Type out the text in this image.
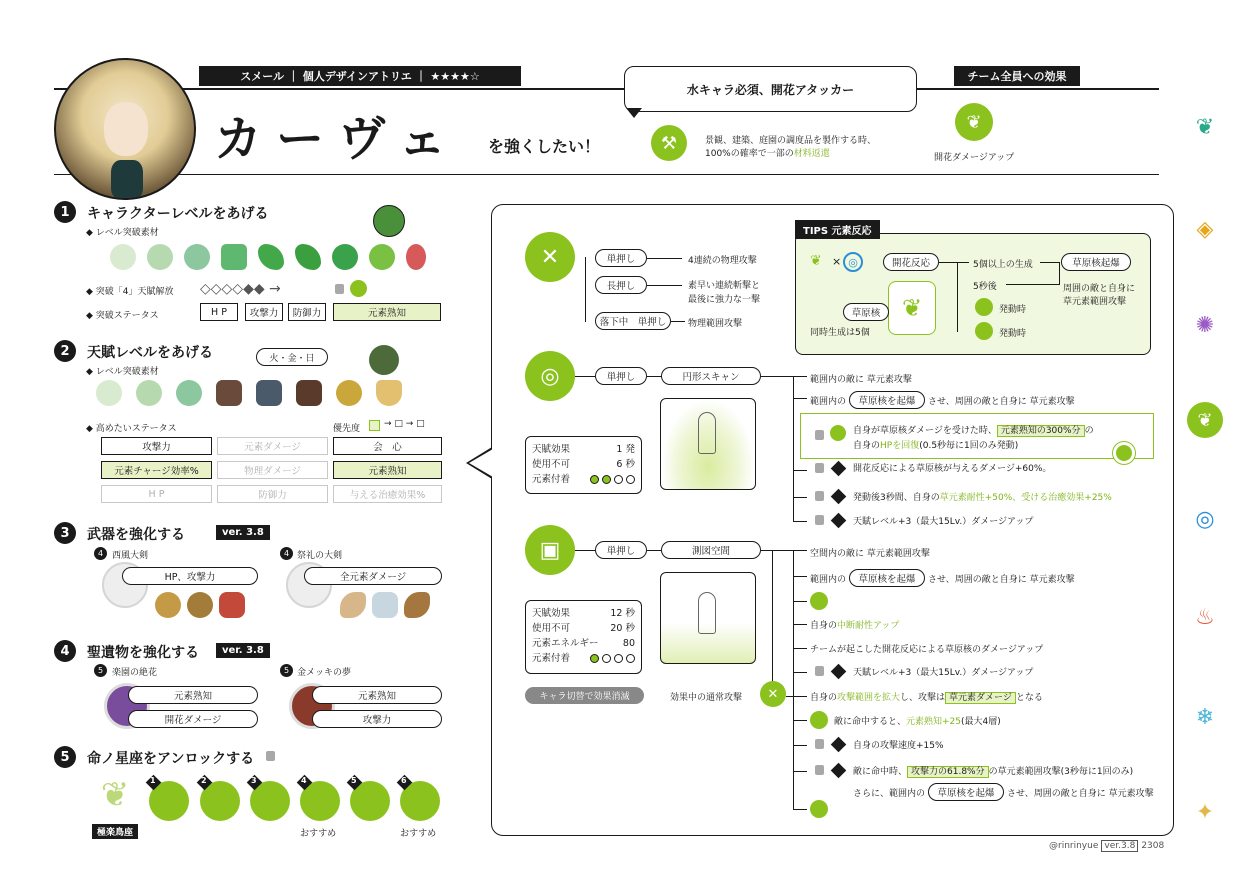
スメール ｜ 個人デザインアトリエ ｜ ★★★★☆
カーヴェ を強くしたい！
水キャラ必須、開花アタッカー
⚒	景観、建築、庭園の調度品を製作する時、
100%の確率で一部の材料返還
チーム全員への効果
❦
開花ダメージアップ
❦
◈
✺
❦
◎
♨
❄
✦
1	キャラクターレベルをあげる
◆ レベル突破素材
◆ 突破「4」天賦解放 ◇◇◇◇◆◆ →
◆ 突破ステータス	H P	攻撃力	防御力	元素熟知
2	天賦レベルをあげる	火・金・日
◆ レベル突破素材
◆ 高めたいステータス	優先度	→ □ → □
攻撃力	元素ダメージ	会　心
元素チャージ効率%	物理ダメージ	元素熟知
H P	防御力	与える治癒効果%
3	武器を強化する	ver. 3.8
4 西風大剣
HP、攻撃力
4 祭礼の大剣
全元素ダメージ
4	聖遺物を強化する	ver. 3.8
5 楽園の絶花
元素熟知
開花ダメージ
5 金メッキの夢
元素熟知
攻撃力
5	命ノ星座をアンロックする
❦
極楽鳥座
1	2	3	4	5	6
おすすめ	おすすめ
✕	単押し	4連続の物理攻撃
長押し	素早い連続斬撃と
最後に強力な一撃
落下中　単押し	物理範囲攻撃
TIPS 元素反応
❦ × ◎	開花反応
❦
草原核
同時生成は5個
5個以上の生成	草原核起爆
5秒後	周囲の敵と自身に
草元素範囲攻撃
発動時
発動時
◎	単押し	円形スキャン
天賦効果	1 発
使用不可	6 秒
元素付着
範囲内の敵に 草元素攻撃
範囲内の	草原核を起爆	させ、周囲の敵と自身に 草元素攻撃
自身が草原核ダメージを受けた時、 元素熟知の300%分 の
自身のHPを回復(0.5秒毎に1回のみ発動)
開花反応による草原核が与えるダメージ+60%。
発動後3秒間、自身の草元素耐性+50%、受ける治癒効果+25%
天賦レベル+3（最大15Lv.）ダメージアップ
▣	単押し	測図空間
天賦効果	12 秒
使用不可	20 秒
元素エネルギー	80
元素付着
キャラ切替で効果消滅	効果中の通常攻撃	✕
空間内の敵に 草元素範囲攻撃
範囲内の	草原核を起爆	させ、周囲の敵と自身に 草元素攻撃
自身の中断耐性アップ
チームが起こした開花反応による草原核のダメージアップ
天賦レベル+3（最大15Lv.）ダメージアップ
自身の攻撃範囲を拡大し、攻撃は 草元素ダメージ となる
敵に命中すると、元素熟知+25(最大4層)
自身の攻撃速度+15%
敵に命中時、 攻撃力の61.8%分 の草元素範囲攻撃(3秒毎に1回のみ)
さらに、範囲内の	草原核を起爆	させ、周囲の敵と自身に 草元素攻撃
@rinrinyue ver.3.8 2308
